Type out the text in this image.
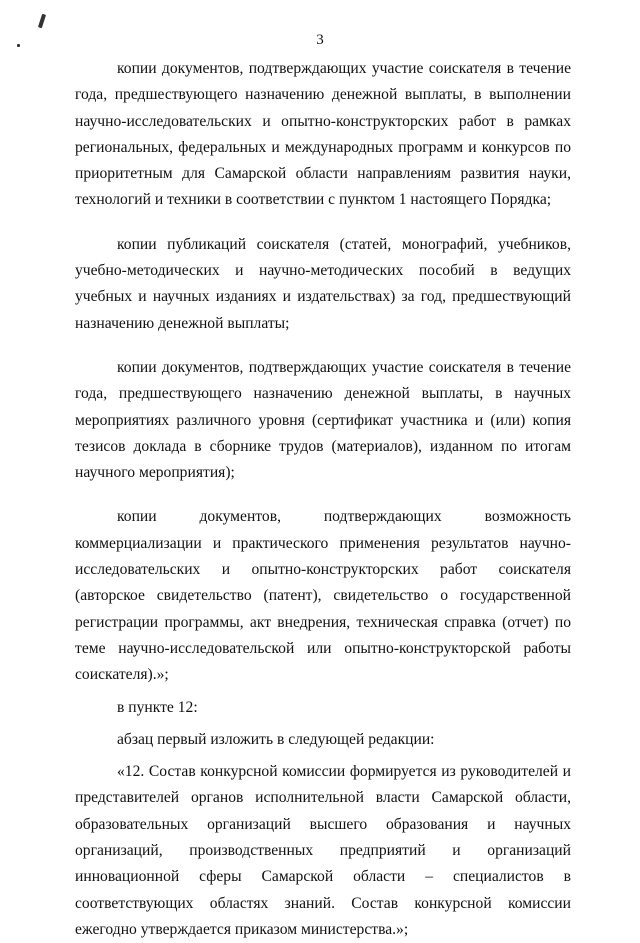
3

копии документов, подтверждающих участие соискателя в течение года, предшествующего назначению денежной выплаты, в выполнении научно-исследовательских и опытно-конструкторских работ в рамках региональных, федеральных и международных программ и конкурсов по приоритетным для Самарской области направлениям развития науки, технологий и техники в соответствии с пунктом 1 настоящего Порядка;

копии публикаций соискателя (статей, монографий, учебников, учебно-методических и научно-методических пособий в ведущих учебных и научных изданиях и издательствах) за год, предшествующий назначению денежной выплаты;

копии документов, подтверждающих участие соискателя в течение года, предшествующего назначению денежной выплаты, в научных мероприятиях различного уровня (сертификат участника и (или) копия тезисов доклада в сборнике трудов (материалов), изданном по итогам научного мероприятия);

копии документов, подтверждающих возможность коммерциализации и практического применения результатов научно-исследовательских и опытно-конструкторских работ соискателя (авторское свидетельство (патент), свидетельство о государственной регистрации программы, акт внедрения, техническая справка (отчет) по теме научно-исследовательской или опытно-конструкторской работы соискателя).»;

в пункте 12:

абзац первый изложить в следующей редакции:

«12. Состав конкурсной комиссии формируется из руководителей и представителей органов исполнительной власти Самарской области, образовательных организаций высшего образования и научных организаций, производственных предприятий и организаций инновационной сферы Самарской области – специалистов в соответствующих областях знаний. Состав конкурсной комиссии ежегодно утверждается приказом министерства.»;
